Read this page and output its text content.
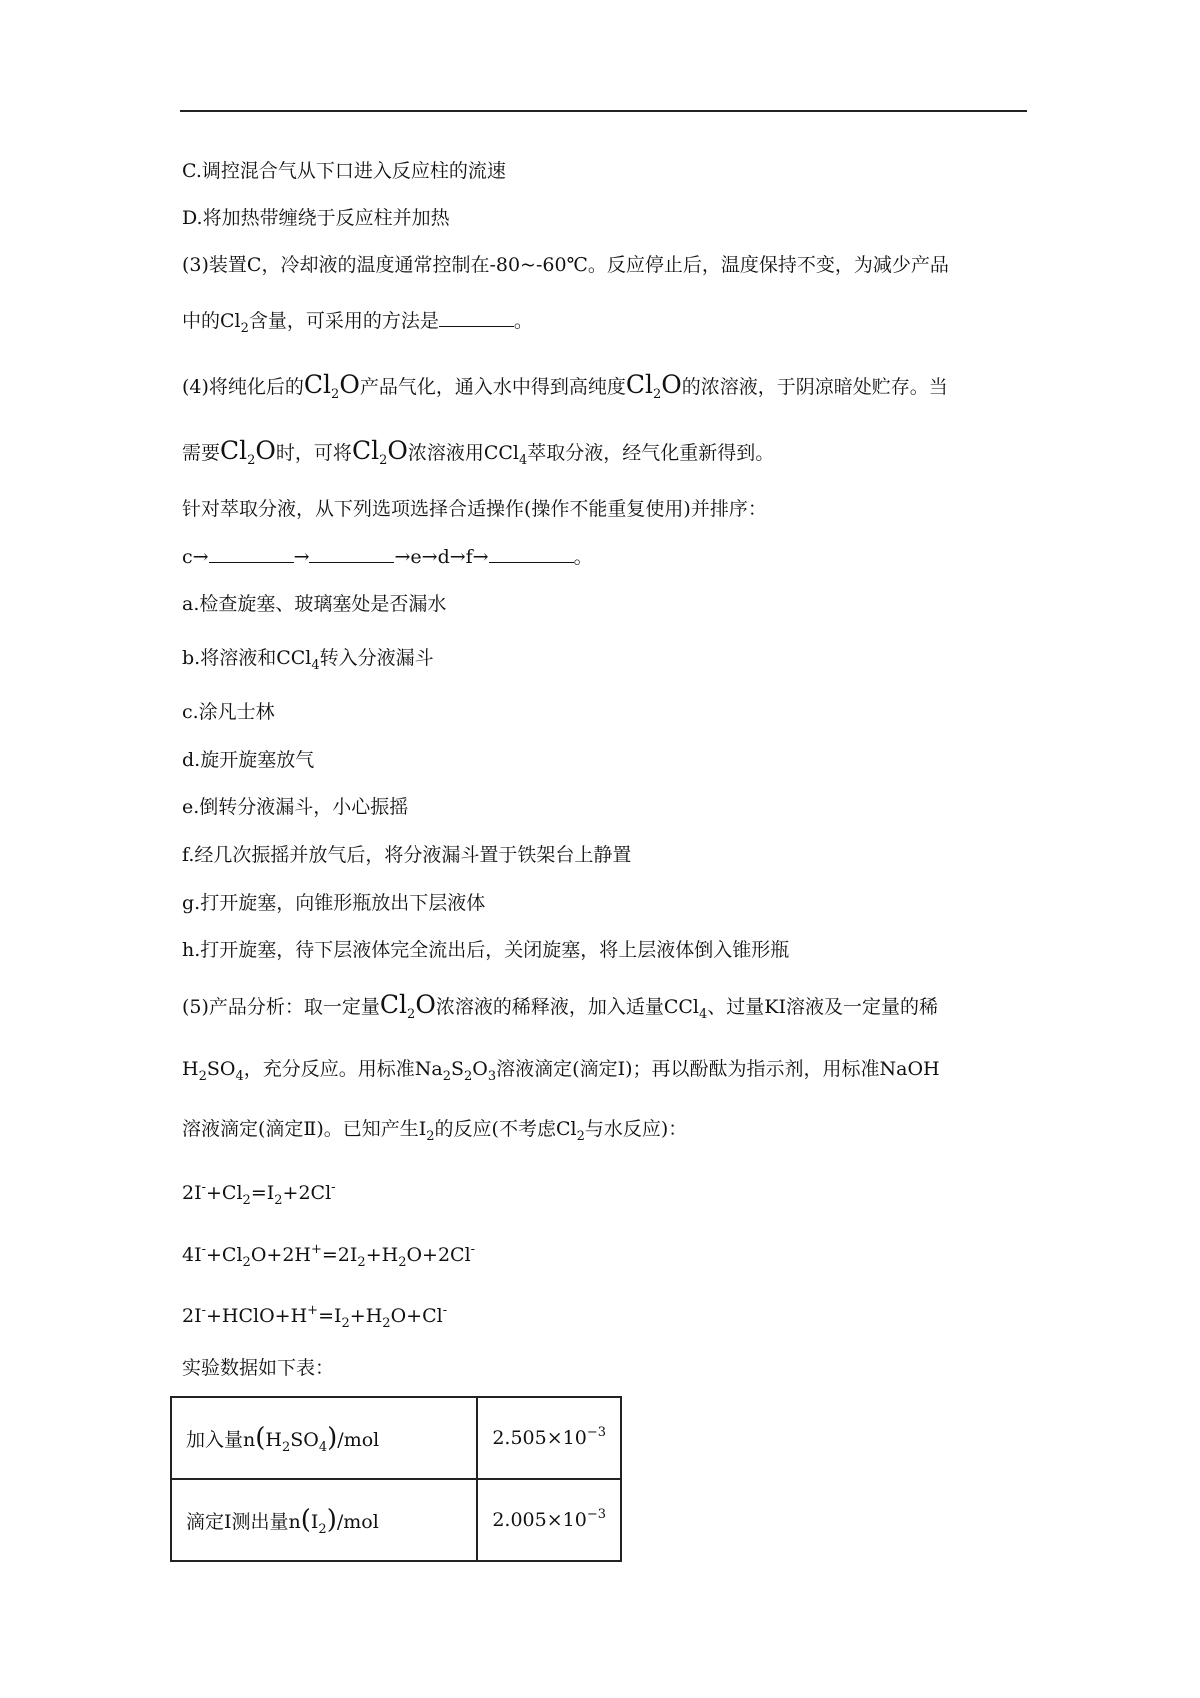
C.调控混合气从下口进入反应柱的流速
D.将加热带缠绕于反应柱并加热
(3)装置C，冷却液的温度通常控制在-80~-60℃。反应停止后，温度保持不变，为减少产品
中的$Cl_2$含量，可采用的方法是	。
(4)将纯化后的$Cl_2O$产品气化，通入水中得到高纯度$Cl_2O$的浓溶液，于阴凉暗处贮存。当
需要$Cl_2O$时，可将$Cl_2O$浓溶液用CCl$_4$萃取分液，经气化重新得到。
针对萃取分液，从下列选项选择合适操作(操作不能重复使用)并排序：
c→	→	→e→d→f→	。
a.检查旋塞、玻璃塞处是否漏水
b.将溶液和CCl$_4$转入分液漏斗
c.涂凡士林
d.旋开旋塞放气
e.倒转分液漏斗，小心振摇
f.经几次振摇并放气后，将分液漏斗置于铁架台上静置
g.打开旋塞，向锥形瓶放出下层液体
h.打开旋塞，待下层液体完全流出后，关闭旋塞，将上层液体倒入锥形瓶
(5)产品分析：取一定量$Cl_2O$浓溶液的稀释液，加入适量CCl$_4$、过量KI溶液及一定量的稀
$H_2SO_4$，充分反应。用标准$Na_2S_2O_3$溶液滴定(滴定Ⅰ)；再以酚酞为指示剂，用标准NaOH
溶液滴定(滴定Ⅱ)。已知产生$I_2$的反应(不考虑$Cl_2$与水反应)：
$2I^-+Cl_2=I_2+2Cl^-$
$4I^-+Cl_2O+2H^+=2I_2+H_2O+2Cl^-$
$2I^-+HClO+H^+=I_2+H_2O+Cl^-$
实验数据如下表：
加入量$n(H_2SO_4)$/mol	$2.505\times 10^{-3}$
滴定Ⅰ测出量$n(I_2)$/mol	$2.005\times 10^{-3}$
